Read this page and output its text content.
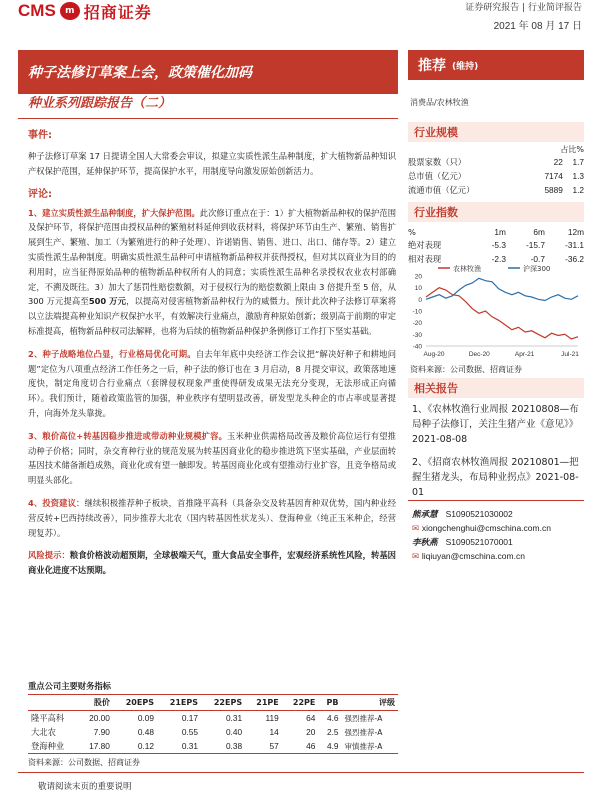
CMS	m 招商证券	证券研究报告 | 行业简评报告
2021 年 08 月 17 日
种子法修订草案上会，政策催化加码	推荐 (维持)
种业系列跟踪报告（二）	消费品/农林牧渔
事件:
种子法修订草案 17 日提请全国人大常委会审议，拟建立实质性派生品种制度，扩大植物新品种知识产权保护范围，延伸保护环节，提高保护水平，用制度导向激发原始创新活力。
评论:
1、建立实质性派生品种制度，扩大保护范围。此次修订重点在于：1）扩大植物新品种权的保护范围及保护环节，将保护范围由授权品种的繁殖材料延伸到收获材料，将保护环节由生产、繁殖、销售扩展到生产、繁殖、加工（为繁殖进行的种子处理）、许诺销售、销售、进口、出口、储存等。2）建立实质性派生品种制度。明确实质性派生品种可申请植物新品种权并获得授权，但对其以商业为目的的利用时，应当征得原始品种的植物新品种权所有人的同意；实质性派生品种名录授权农业农村部确定，不溯及既往。3）加大了惩罚性赔偿数额，对于侵权行为的赔偿数额上限由 3 倍提升至 5 倍，从 300 万元提高至500 万元，以提高对侵害植物新品种权行为的威慑力。预计此次种子法修订草案将以立法端提高种业知识产权保护水平，有效解决行业痛点，激励育种原始创新；级别高于前期的审定标准提高，植物新品种权司法解释，也将为后续的植物新品种保护条例修订工作打下坚实基础。
2、种子战略地位凸显，行业格局优化可期。自去年年底中央经济工作会议把“解决好种子和耕地问题”定位为八项重点经济工作任务之一后，种子法的修订也在 3 月启动，8 月提交审议，政策落地速度快，制定角度切合行业痛点（套牌侵权现象严重使得研发成果无法充分变现，无法形成正向循环）。我们预计，随着政策监管的加强，种业秩序有望明显改善，研发型龙头种企的市占率或显著提升，向海外龙头靠拢。
3、粮价高位+转基因稳步推进或带动种业规模扩容。玉米种业供需格局改善及粮价高位运行有望推动种子价格；同时，杂交育种行业的规范发展为转基因商业化的稳步推进筑下坚实基础，产业层面转基因技术储备渐趋成熟，商业化或有望一触即发。转基因商业化或有望推动行业扩容，且竞争格局或明显头部化。
4、投资建议：继续积极推荐种子板块，首推隆平高科（具备杂交及转基因育种双优势，国内种业经营反转+巴西持续改善），同步推荐大北农（国内转基因性状龙头）、登海种业（纯正玉米种企，经营现复苏）。
风险提示：粮食价格波动超预期，全球极端天气，重大食品安全事件，宏观经济系统性风险，转基因商业化进度不达预期。
重点公司主要财务指标
	股价	20EPS	21EPS	22EPS	21PE	22PE	PB	评级
隆平高科	20.00	0.09	0.17	0.31	119	64	4.6	强烈推荐-A
大北农	7.90	0.48	0.55	0.40	14	20	2.5	强烈推荐-A
登海种业	17.80	0.12	0.31	0.38	57	46	4.9	审慎推荐-A
资料来源：公司数据、招商证券
行业规模
占比%
股票家数（只）	22	1.7
总市值（亿元）	7174	1.3
流通市值（亿元）	5889	1.2
行业指数
%	1m	6m	12m
绝对表现	-5.3	-15.7	-31.1
相对表现	-2.3	-0.7	-36.2
农林牧渔	沪深300
20
10
0
-10
-20
-30
-40
Aug-20	Dec-20	Apr-21	Jul-21
资料来源：公司数据、招商证券
相关报告
1、《农林牧渔行业周报 20210808—布局种子法修订，关注生猪产业《意见》》2021-08-08
2、《招商农林牧渔周报 20210801—把握生猪龙头，布局种业拐点》2021-08-01
熊承慧 S1090521030002
✉ xiongchenghui@cmschina.com.cn
李秋燕 S1090521070001
✉ liqiuyan@cmschina.com.cn
敬请阅读末页的重要说明
